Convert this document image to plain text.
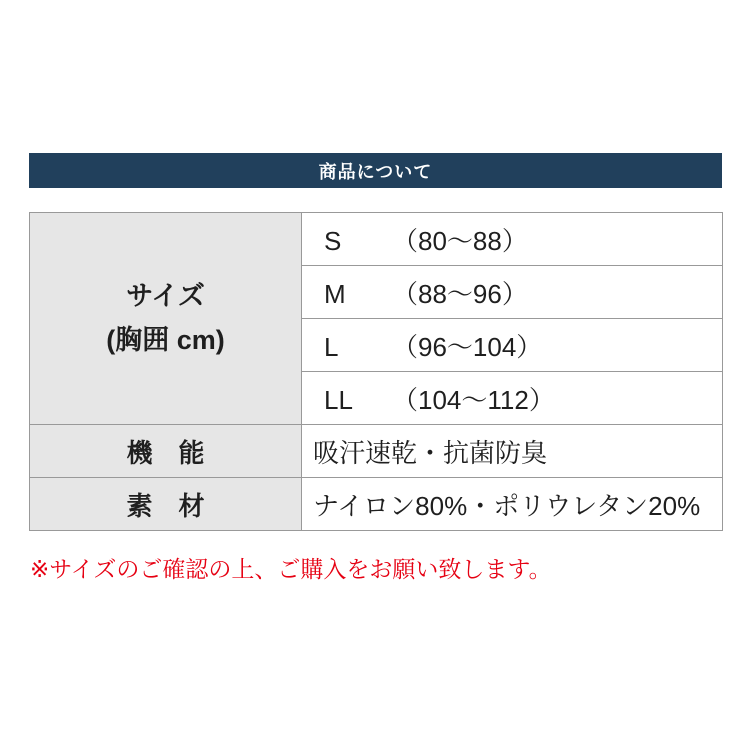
商品について
サイズ
(胸囲 cm)	S （80〜88）
	M （88〜96）
	L （96〜104）
	LL （104〜112）
機　能	吸汗速乾・抗菌防臭
素　材	ナイロン80%・ポリウレタン20%
※サイズのご確認の上、ご購入をお願い致します。
